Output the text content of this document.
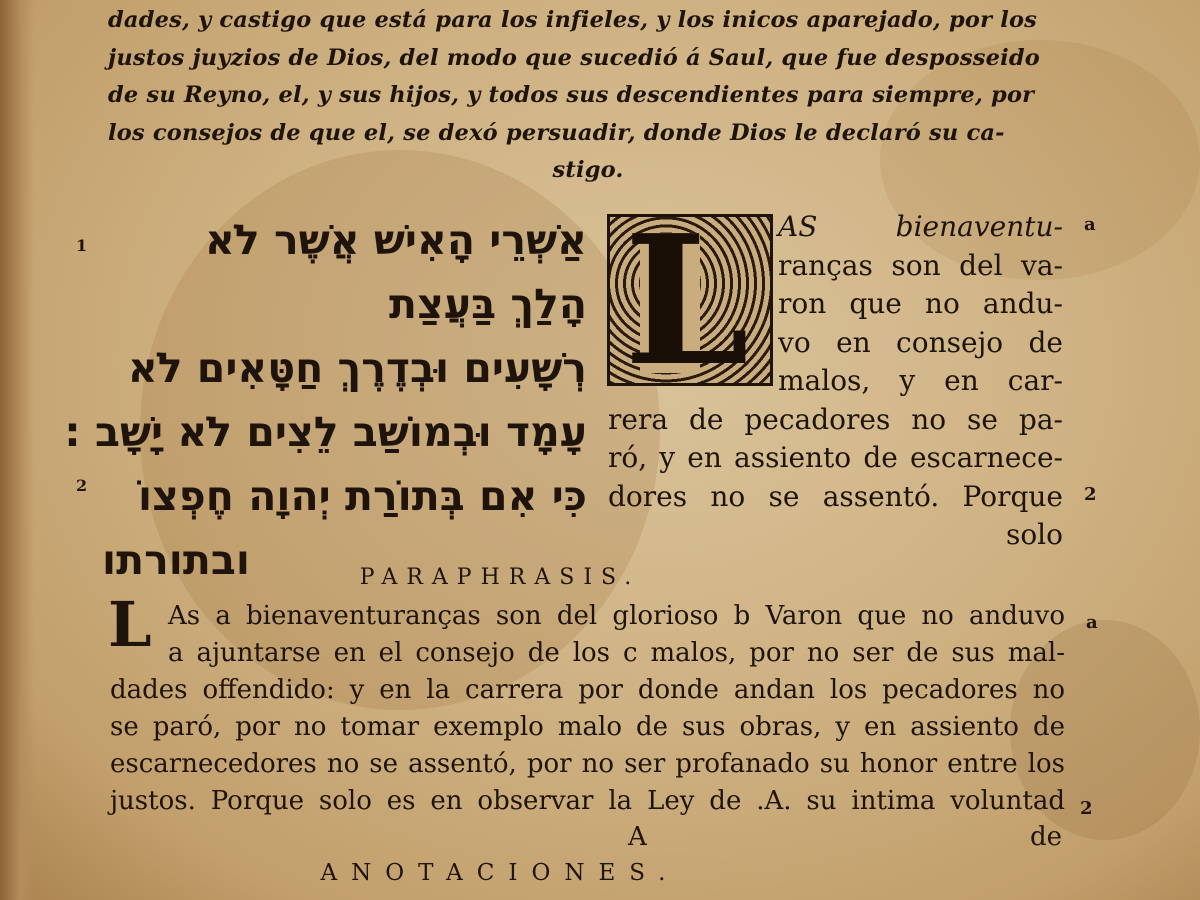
dades, y castigo que está para los infieles, y los inicos aparejado, por los
justos juyzios de Dios, del modo que sucedió á Saul, que fue desposseido
de su Reyno, el, y sus hijos, y todos sus descendientes para siempre, por
los consejos de que el, se dexó persuadir, donde Dios le declaró su ca-
stigo.
1
2
אַשְׁרֵי הָאִישׁ אֲשֶׁר לֹא
הָלַךְ בַּעֲצַת
רְשָׁעִים וּבְדֶרֶךְ חַטָּאִים לֹא
עָמָד וּבְמוֹשַׁב לֵצִים לֹא יָשָׁב :
כִּי אִם בְּתוֹרַת יְהוָה חֶפְצוֹ
ובתורתו
L	AS bienaventu-
ranças son del va-
ron que no andu-
vo en consejo de
malos, y en car-
rera de pecadores no se pa-
ró, y en assiento de escarnece-
dores no se assentó. Porque
solo
PARAPHRASIS.
L As a bienaventuranças son del glorioso b Varon que no anduvo
a ajuntarse en el consejo de los c malos, por no ser de sus mal-
dades offendido: y en la carrera por donde andan los pecadores no
se paró, por no tomar exemplo malo de sus obras, y en assiento de
escarnecedores no se assentó, por no ser profanado su honor entre los
justos. Porque solo es en observar la Ley de .A. su intima voluntad
A	de
ANOTACIONES.
a
2
a
2
